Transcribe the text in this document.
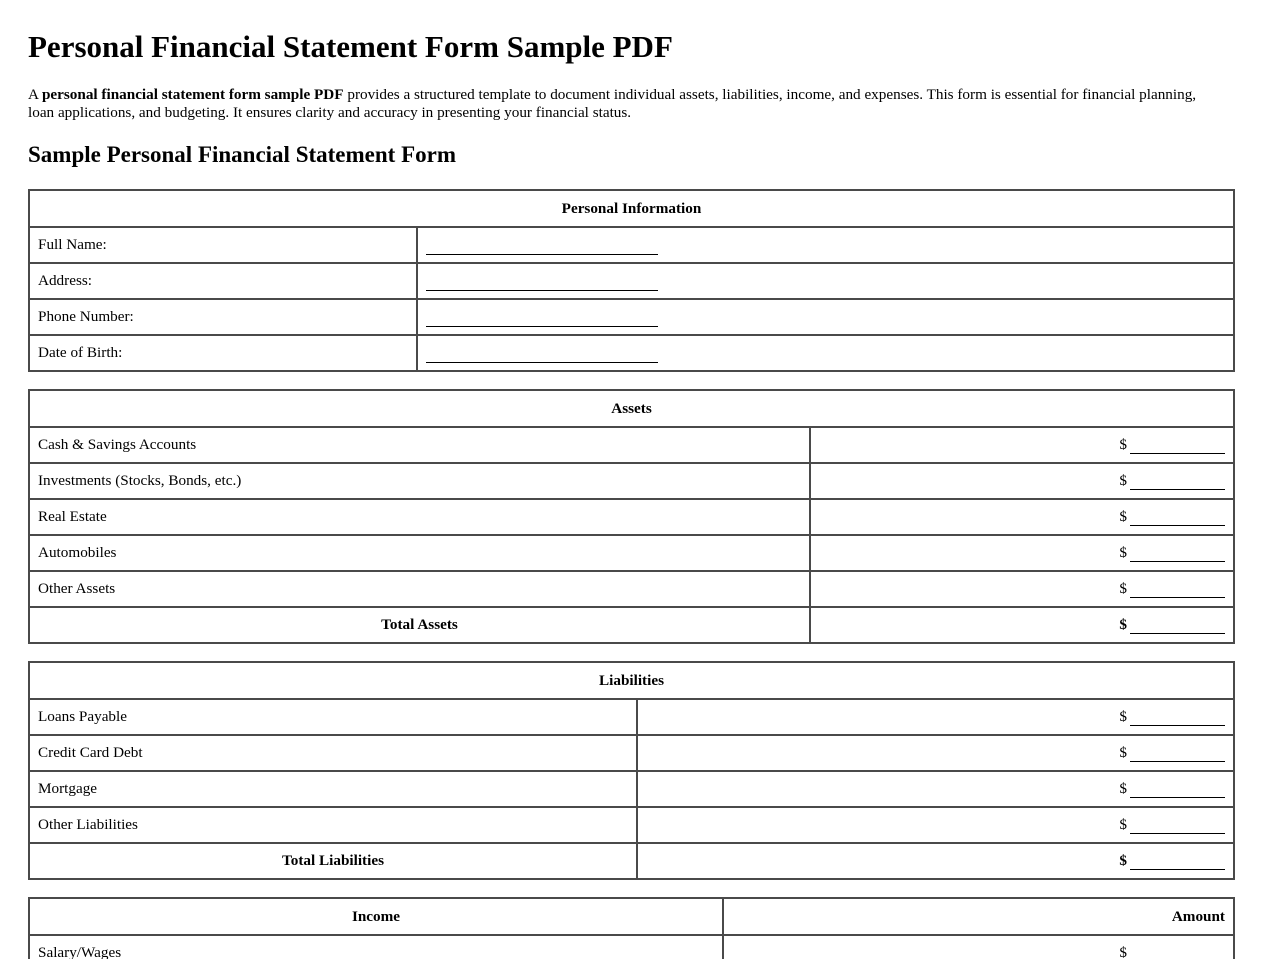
Personal Financial Statement Form Sample PDF

A personal financial statement form sample PDF provides a structured template to document individual assets, liabilities, income, and expenses. This form is essential for financial planning, loan applications, and budgeting. It ensures clarity and accuracy in presenting your financial status.

Sample Personal Financial Statement Form
Personal Information	
Full Name:	
Address:	
Phone Number:	
Date of Birth:	
Assets	
Cash & Savings Accounts	$
Investments (Stocks, Bonds, etc.)	$
Real Estate	$
Automobiles	$
Other Assets	$
Total Assets	$
Liabilities	
Loans Payable	$
Credit Card Debt	$
Mortgage	$
Other Liabilities	$
Total Liabilities	$
Income	Amount
Salary/Wages	$
